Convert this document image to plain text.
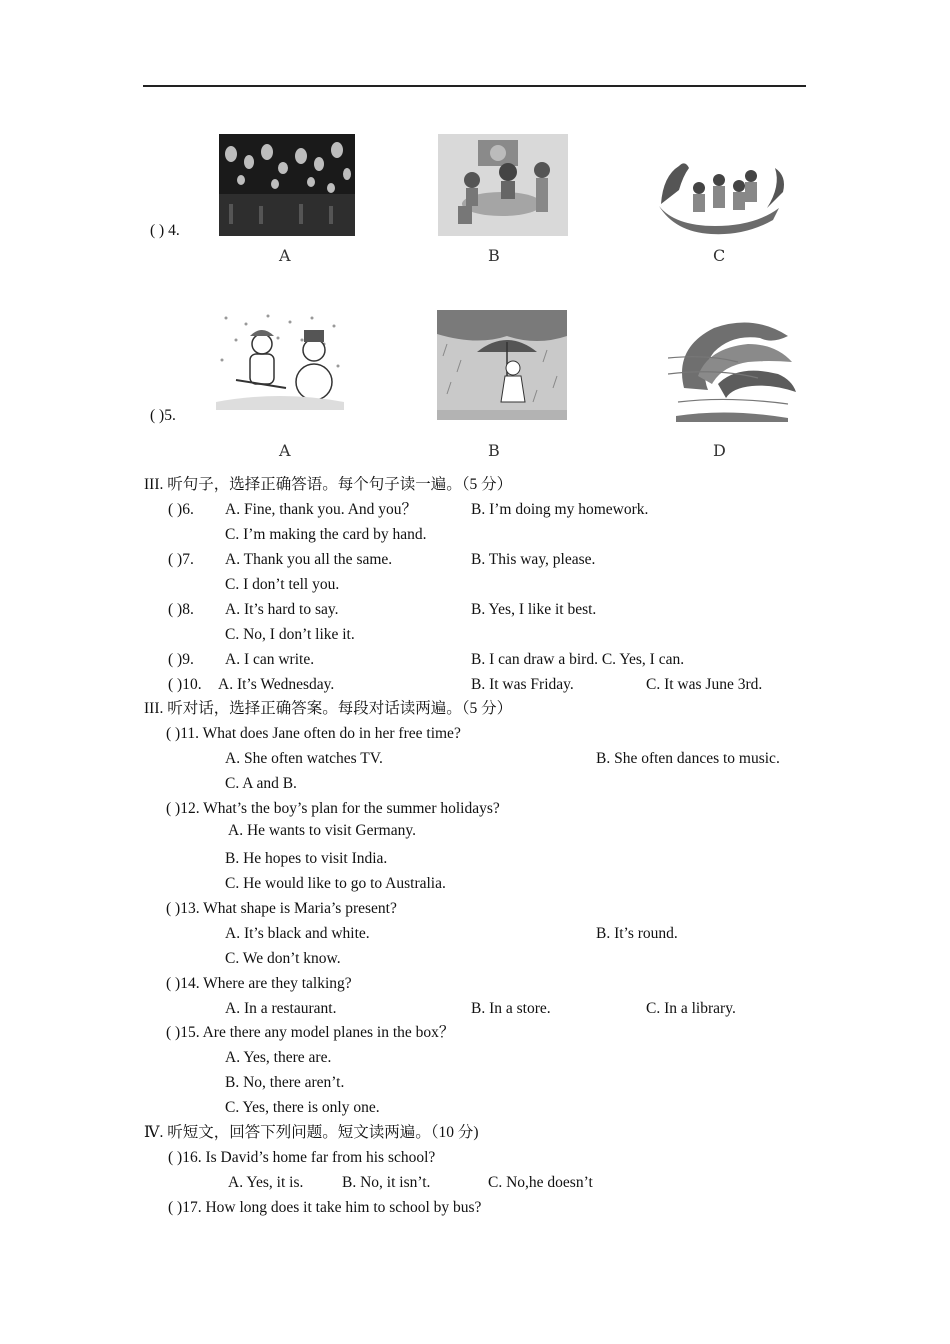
( ) 4.
A	B	C
( )5.
A	B	D
III. 听句子，选择正确答语。每个句子读一遍。（5 分）
( )6. A. Fine, thank you. And you？	B. I’m doing my homework.
C. I’m making the card by hand.
( )7. A. Thank you all the same.	B. This way, please.
C. I don’t tell you.
( )8. A. It’s hard to say.	B. Yes, I like it best.
C. No, I don’t like it.
( )9. A. I can write.	B. I can draw a bird. C. Yes, I can.
( )10. A. It’s Wednesday.	B. It was Friday.	C. It was June 3rd.
III. 听对话，选择正确答案。每段对话读两遍。（5 分）
( )11. What does Jane often do in her free time?
A. She often watches TV.	B. She often dances to music.
C. A and B.
( )12. What’s the boy’s plan for the summer holidays?
A. He wants to visit Germany.
B. He hopes to visit India.
C. He would like to go to Australia.
( )13. What shape is Maria’s present?
A. It’s black and white.	B. It’s round.
C. We don’t know.
( )14. Where are they talking?
A. In a restaurant.	B. In a store.	C. In a library.
( )15. Are there any model planes in the box？
A. Yes, there are.
B. No, there aren’t.
C. Yes, there is only one.
Ⅳ. 听短文，回答下列问题。短文读两遍。（10 分)
( )16. Is David’s home far from his school?
A. Yes, it is. B. No, it isn’t.	C. No,he doesn’t
( )17. How long does it take him to school by bus?
